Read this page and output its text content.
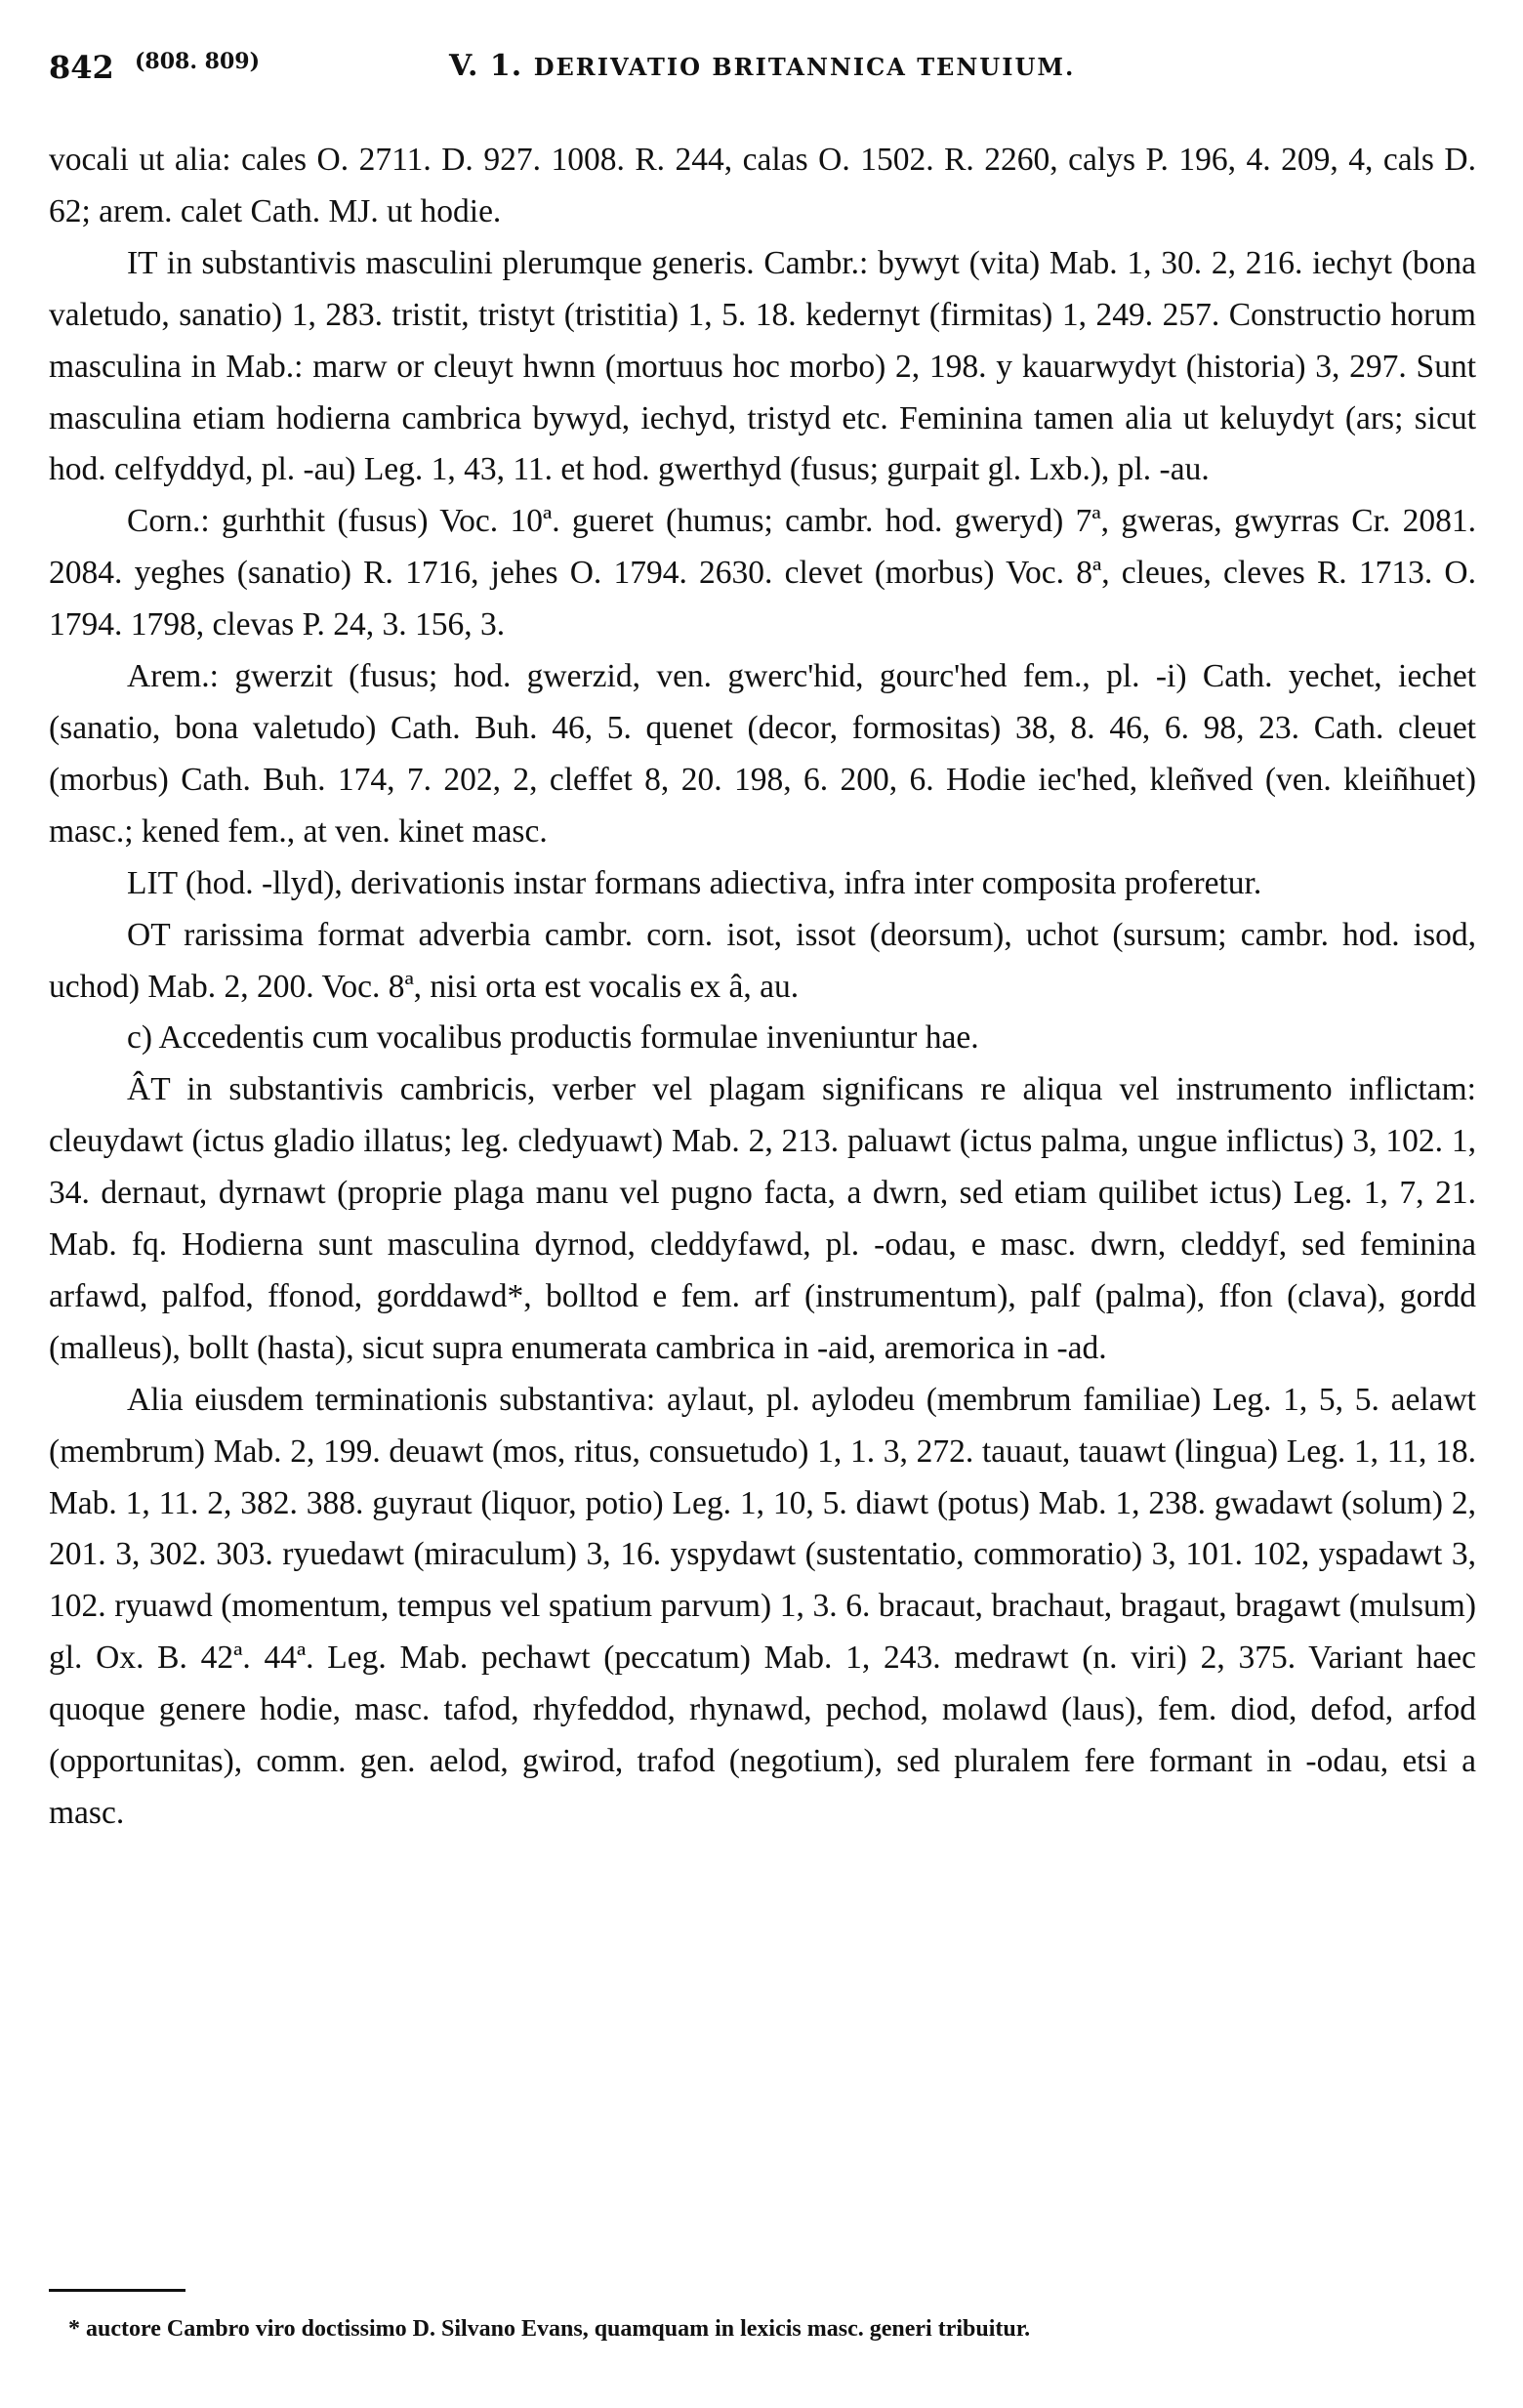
842 (808. 809)	V. 1. DERIVATIO BRITANNICA TENUIUM.

vocali ut alia: cales O. 2711. D. 927. 1008. R. 244, calas O. 1502. R. 2260, calys P. 196, 4. 209, 4, cals D. 62; arem. calet Cath. MJ. ut hodie.

IT in substantivis masculini plerumque generis. Cambr.: bywyt (vita) Mab. 1, 30. 2, 216. iechyt (bona valetudo, sanatio) 1, 283. tristit, tristyt (tristitia) 1, 5. 18. kedernyt (firmitas) 1, 249. 257. Constructio horum masculina in Mab.: marw or cleuyt hwnn (mortuus hoc morbo) 2, 198. y kauarwydyt (historia) 3, 297. Sunt masculina etiam hodierna cambrica bywyd, iechyd, tristyd etc. Feminina tamen alia ut keluydyt (ars; sicut hod. celfyddyd, pl. -au) Leg. 1, 43, 11. et hod. gwerthyd (fusus; gurpait gl. Lxb.), pl. -au.

Corn.: gurhthit (fusus) Voc. 10ª. gueret (humus; cambr. hod. gweryd) 7ª, gweras, gwyrras Cr. 2081. 2084. yeghes (sanatio) R. 1716, jehes O. 1794. 2630. clevet (morbus) Voc. 8ª, cleues, cleves R. 1713. O. 1794. 1798, clevas P. 24, 3. 156, 3.

Arem.: gwerzit (fusus; hod. gwerzid, ven. gwerc'hid, gourc'hed fem., pl. -i) Cath. yechet, iechet (sanatio, bona valetudo) Cath. Buh. 46, 5. quenet (decor, formositas) 38, 8. 46, 6. 98, 23. Cath. cleuet (morbus) Cath. Buh. 174, 7. 202, 2, cleffet 8, 20. 198, 6. 200, 6. Hodie iec'hed, kleñved (ven. kleiñhuet) masc.; kened fem., at ven. kinet masc.

LIT (hod. -llyd), derivationis instar formans adiectiva, infra inter composita proferetur.

OT rarissima format adverbia cambr. corn. isot, issot (deorsum), uchot (sursum; cambr. hod. isod, uchod) Mab. 2, 200. Voc. 8ª, nisi orta est vocalis ex â, au.

c) Accedentis cum vocalibus productis formulae inveniuntur hae.

ÂT in substantivis cambricis, verber vel plagam significans re aliqua vel instrumento inflictam: cleuydawt (ictus gladio illatus; leg. cledyuawt) Mab. 2, 213. paluawt (ictus palma, ungue inflictus) 3, 102. 1, 34. dernaut, dyrnawt (proprie plaga manu vel pugno facta, a dwrn, sed etiam quilibet ictus) Leg. 1, 7, 21. Mab. fq. Hodierna sunt masculina dyrnod, cleddyfawd, pl. -odau, e masc. dwrn, cleddyf, sed feminina arfawd, palfod, ffonod, gorddawd*, bolltod e fem. arf (instrumentum), palf (palma), ffon (clava), gordd (malleus), bollt (hasta), sicut supra enumerata cambrica in -aid, aremorica in -ad.

Alia eiusdem terminationis substantiva: aylaut, pl. aylodeu (membrum familiae) Leg. 1, 5, 5. aelawt (membrum) Mab. 2, 199. deuawt (mos, ritus, consuetudo) 1, 1. 3, 272. tauaut, tauawt (lingua) Leg. 1, 11, 18. Mab. 1, 11. 2, 382. 388. guyraut (liquor, potio) Leg. 1, 10, 5. diawt (potus) Mab. 1, 238. gwadawt (solum) 2, 201. 3, 302. 303. ryuedawt (miraculum) 3, 16. yspydawt (sustentatio, commoratio) 3, 101. 102, yspadawt 3, 102. ryuawd (momentum, tempus vel spatium parvum) 1, 3. 6. bracaut, brachaut, bragaut, bragawt (mulsum) gl. Ox. B. 42ª. 44ª. Leg. Mab. pechawt (peccatum) Mab. 1, 243. medrawt (n. viri) 2, 375. Variant haec quoque genere hodie, masc. tafod, rhyfeddod, rhynawd, pechod, molawd (laus), fem. diod, defod, arfod (opportunitas), comm. gen. aelod, gwirod, trafod (negotium), sed pluralem fere formant in -odau, etsi a masc.

* auctore Cambro viro doctissimo D. Silvano Evans, quamquam in lexicis masc. generi tribuitur.
